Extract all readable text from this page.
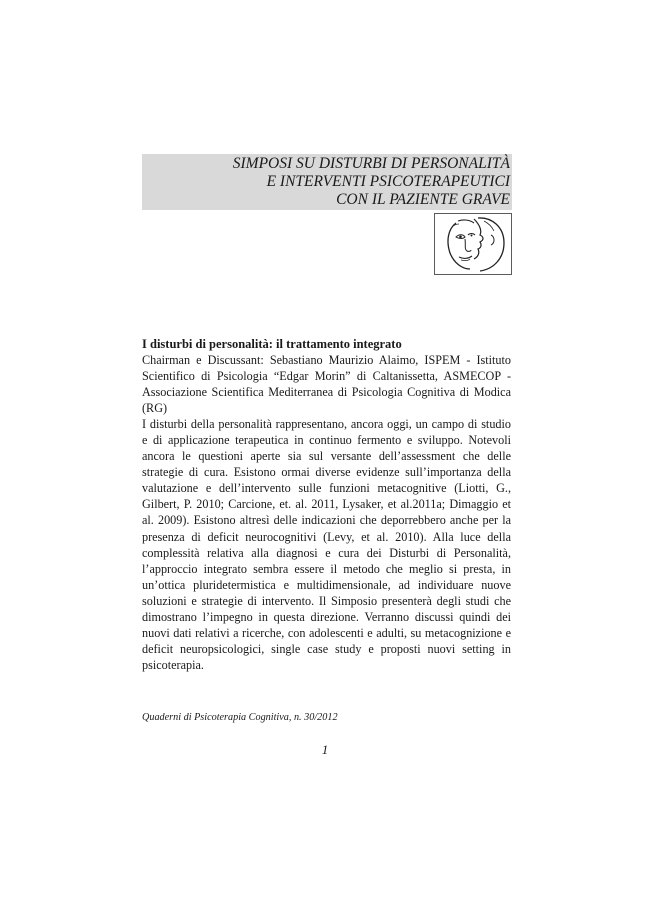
SIMPOSI SU DISTURBI DI PERSONALITÀ
E INTERVENTI PSICOTERAPEUTICI
CON IL PAZIENTE GRAVE
I disturbi di personalità: il trattamento integrato

Chairman e Discussant: Sebastiano Maurizio Alaimo, ISPEM - Istituto Scientifico di Psicologia “Edgar Morin” di Caltanissetta, ASMECOP - Associazione Scientifica Mediterranea di Psicologia Cognitiva di Modica (RG)

I disturbi della personalità rappresentano, ancora oggi, un campo di studio e di applicazione terapeutica in continuo fermento e sviluppo. Notevoli ancora le questioni aperte sia sul versante dell’assessment che delle strategie di cura. Esistono ormai diverse evidenze sull’importanza della valutazione e dell’intervento sulle funzioni metacognitive (Liotti, G., Gilbert, P. 2010; Carcione, et. al. 2011, Lysaker, et al.2011a; Dimaggio et al. 2009). Esistono altresì delle indicazioni che deporrebbero anche per la presenza di deficit neurocognitivi (Levy, et al. 2010). Alla luce della complessità relativa alla diagnosi e cura dei Disturbi di Personalità, l’approccio integrato sembra essere il metodo che meglio si presta, in un’ottica pluridetermistica e multidimensionale, ad individuare nuove soluzioni e strategie di intervento. Il Simposio presenterà degli studi che dimostrano l’impegno in questa direzione. Verranno discussi quindi dei nuovi dati relativi a ricerche, con adolescenti e adulti, su metacognizione e deficit neuropsicologici, single case study e proposti nuovi setting in psicoterapia.

Quaderni di Psicoterapia Cognitiva, n. 30/2012
1
